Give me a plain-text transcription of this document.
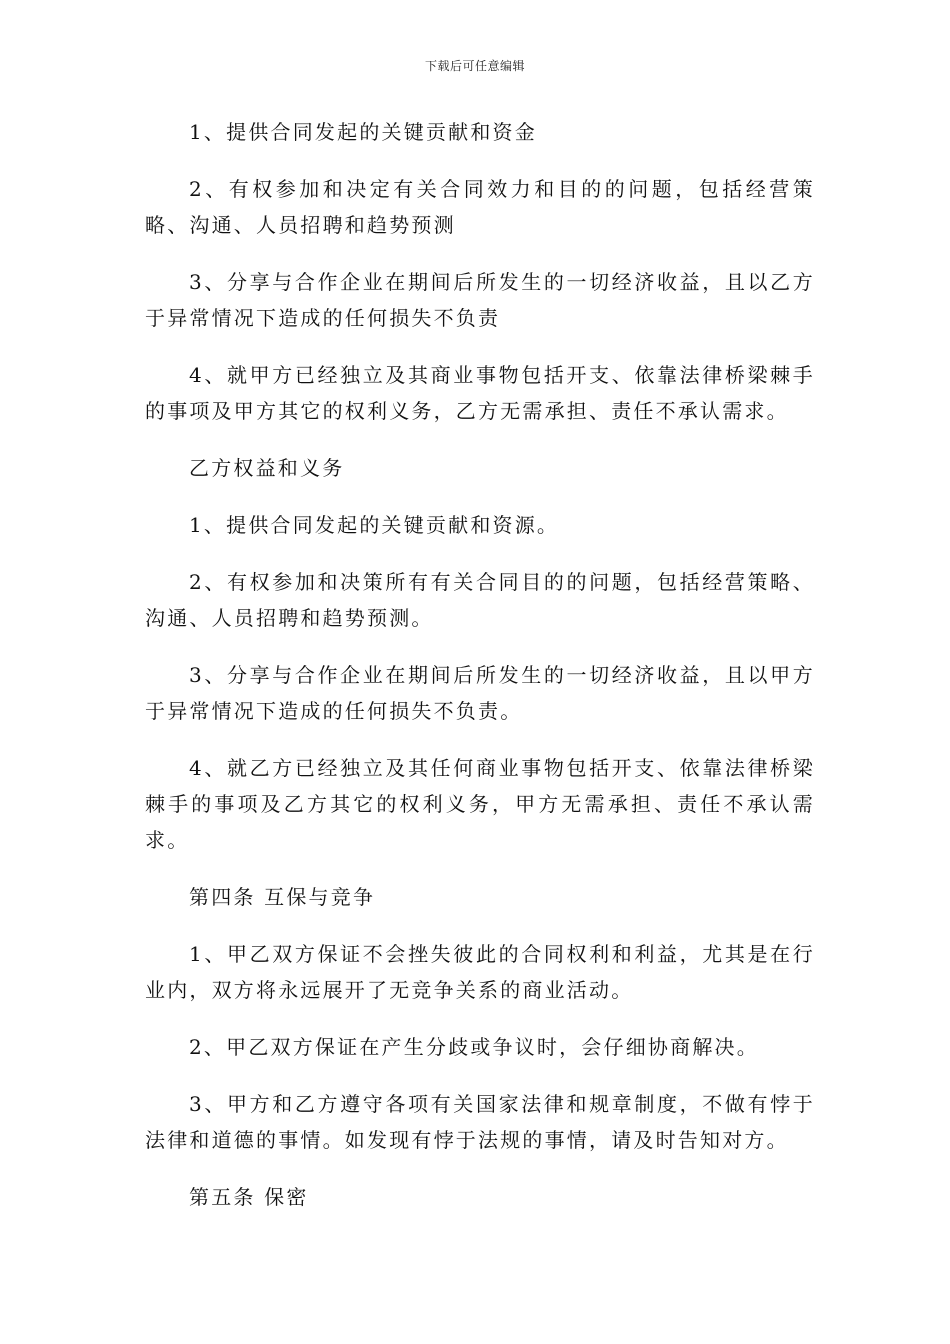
下载后可任意编辑

1、提供合同发起的关键贡献和资金

2、有权参加和决定有关合同效力和目的的问题，包括经营策略、沟通、人员招聘和趋势预测

3、分享与合作企业在期间后所发生的一切经济收益，且以乙方于异常情况下造成的任何损失不负责

4、就甲方已经独立及其商业事物包括开支、依靠法律桥梁棘手的事项及甲方其它的权利义务，乙方无需承担、责任不承认需求。

乙方权益和义务

1、提供合同发起的关键贡献和资源。

2、有权参加和决策所有有关合同目的的问题，包括经营策略、沟通、人员招聘和趋势预测。

3、分享与合作企业在期间后所发生的一切经济收益，且以甲方于异常情况下造成的任何损失不负责。

4、就乙方已经独立及其任何商业事物包括开支、依靠法律桥梁棘手的事项及乙方其它的权利义务，甲方无需承担、责任不承认需求。

第四条 互保与竞争

1、甲乙双方保证不会挫失彼此的合同权利和利益，尤其是在行业内，双方将永远展开了无竞争关系的商业活动。

2、甲乙双方保证在产生分歧或争议时，会仔细协商解决。

3、甲方和乙方遵守各项有关国家法律和规章制度，不做有悖于法律和道德的事情。如发现有悖于法规的事情，请及时告知对方。

第五条 保密
